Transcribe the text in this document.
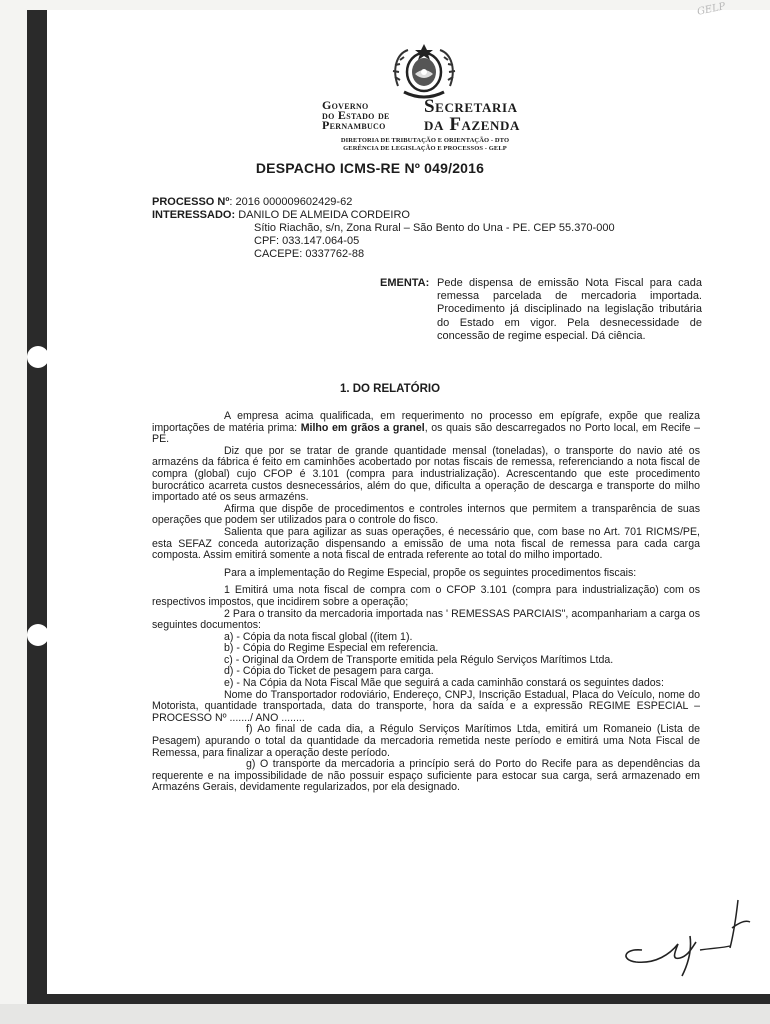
GELP
Governo
do Estado de
Pernambuco
Secretaria
da Fazenda
DIRETORIA DE TRIBUTAÇÃO E ORIENTAÇÃO - DTO
GERÊNCIA DE LEGISLAÇÃO E PROCESSOS - GELP
DESPACHO ICMS-RE Nº 049/2016
PROCESSO Nº: 2016 000009602429-62
INTERESSADO: DANILO DE ALMEIDA CORDEIRO
Sítio Riachão, s/n, Zona Rural – São Bento do Una - PE. CEP 55.370-000
CPF: 033.147.064-05
CACEPE: 0337762-88
EMENTA: Pede dispensa de emissão Nota Fiscal para cada remessa parcelada de mercadoria importada. Procedimento já disciplinado na legislação tributária do Estado em vigor. Pela desnecessidade de concessão de regime especial. Dá ciência.
1. DO RELATÓRIO

A empresa acima qualificada, em requerimento no processo em epígrafe, expõe que realiza importações de matéria prima: Milho em grãos a granel, os quais são descarregados no Porto local, em Recife – PE.

Diz que por se tratar de grande quantidade mensal (toneladas), o transporte do navio até os armazéns da fábrica é feito em caminhões acobertado por notas fiscais de remessa, referenciando a nota fiscal de compra (global) cujo CFOP é 3.101 (compra para industrialização). Acrescentando que este procedimento burocrático acarreta custos desnecessários, além do que, dificulta a operação de descarga e transporte do milho importado até os seus armazéns.

Afirma que dispõe de procedimentos e controles internos que permitem a transparência de suas operações que podem ser utilizados para o controle do fisco.

Salienta que para agilizar as suas operações, é necessário que, com base no Art. 701 RICMS/PE, esta SEFAZ conceda autorização dispensando a emissão de uma nota fiscal de remessa para cada carga composta. Assim emitirá somente a nota fiscal de entrada referente ao total do milho importado.

Para a implementação do Regime Especial, propõe os seguintes procedimentos fiscais:

1 Emitirá uma nota fiscal de compra com o CFOP 3.101 (compra para industrialização) com os respectivos impostos, que incidirem sobre a operação;

2 Para o transito da mercadoria importada nas ' REMESSAS PARCIAIS", acompanhariam a carga os seguintes documentos:

a) - Cópia da nota fiscal global ((item 1).

b) - Cópia do Regime Especial em referencia.

c) - Original da Ordem de Transporte emitida pela Régulo Serviços Marítimos Ltda.

d) - Cópia do Ticket de pesagem para carga.

e) - Na Cópia da Nota Fiscal Mãe que seguirá a cada caminhão constará os seguintes dados:

Nome do Transportador rodoviário, Endereço, CNPJ, Inscrição Estadual, Placa do Veículo, nome do Motorista, quantidade transportada, data do transporte, hora da saída e a expressão REGIME ESPECIAL – PROCESSO Nº ......./ ANO ........

f) Ao final de cada dia, a Régulo Serviços Marítimos Ltda, emitirá um Romaneio (Lista de Pesagem) apurando o total da quantidade da mercadoria remetida neste período e emitirá uma Nota Fiscal de Remessa, para finalizar a operação deste período.

g) O transporte da mercadoria a princípio será do Porto do Recife para as dependências da requerente e na impossibilidade de não possuir espaço suficiente para estocar sua carga, será armazenado em Armazéns Gerais, devidamente regularizados, por ela designado.
